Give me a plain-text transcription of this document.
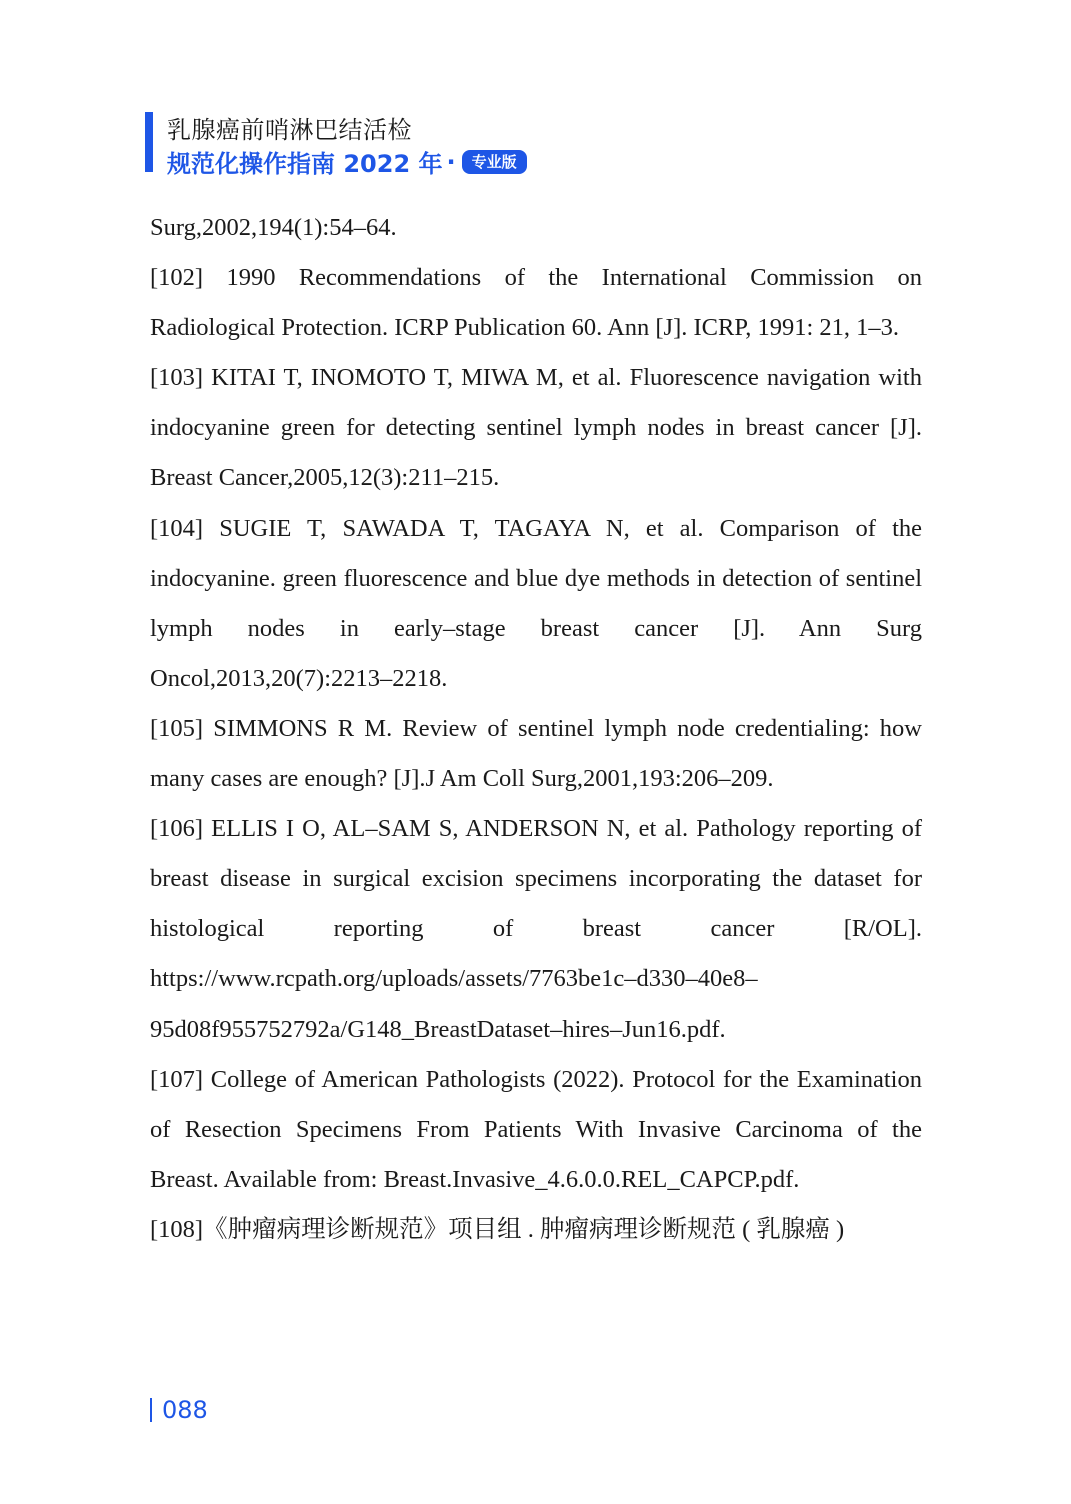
乳腺癌前哨淋巴结活检
规范化操作指南 2022 年 ·	专业版
Surg,2002,194(1):54–64.
[102] 1990 Recommendations of the International Commission on Radiological Protection. ICRP Publication 60. Ann [J]. ICRP, 1991: 21, 1–3.
[103] KITAI T, INOMOTO T, MIWA M, et al. Fluorescence navigation with indocyanine green for detecting sentinel lymph nodes in breast cancer [J]. Breast Cancer,2005,12(3):211–215.
[104] SUGIE T, SAWADA T, TAGAYA N, et al. Comparison of the indocyanine. green fluorescence and blue dye methods in detection of sentinel lymph nodes in early–stage breast cancer [J]. Ann Surg Oncol,2013,20(7):2213–2218.
[105] SIMMONS R M. Review of sentinel lymph node credentialing: how many cases are enough? [J].J Am Coll Surg,2001,193:206–209.
[106] ELLIS I O, AL–SAM S, ANDERSON N, et al. Pathology reporting of breast disease in surgical excision specimens incorporating the dataset for histological reporting of breast cancer [R/OL]. https://www.rcpath.org/uploads/assets/7763be1c–d330–40e8–95d08f955752792a/G148_BreastDataset–hires–Jun16.pdf.
[107] College of American Pathologists (2022). Protocol for the Examination of Resection Specimens From Patients With Invasive Carcinoma of the Breast. Available from: Breast.Invasive_4.6.0.0.REL_CAPCP.pdf.
[108]《肿瘤病理诊断规范》项目组 . 肿瘤病理诊断规范 ( 乳腺癌 )
088
